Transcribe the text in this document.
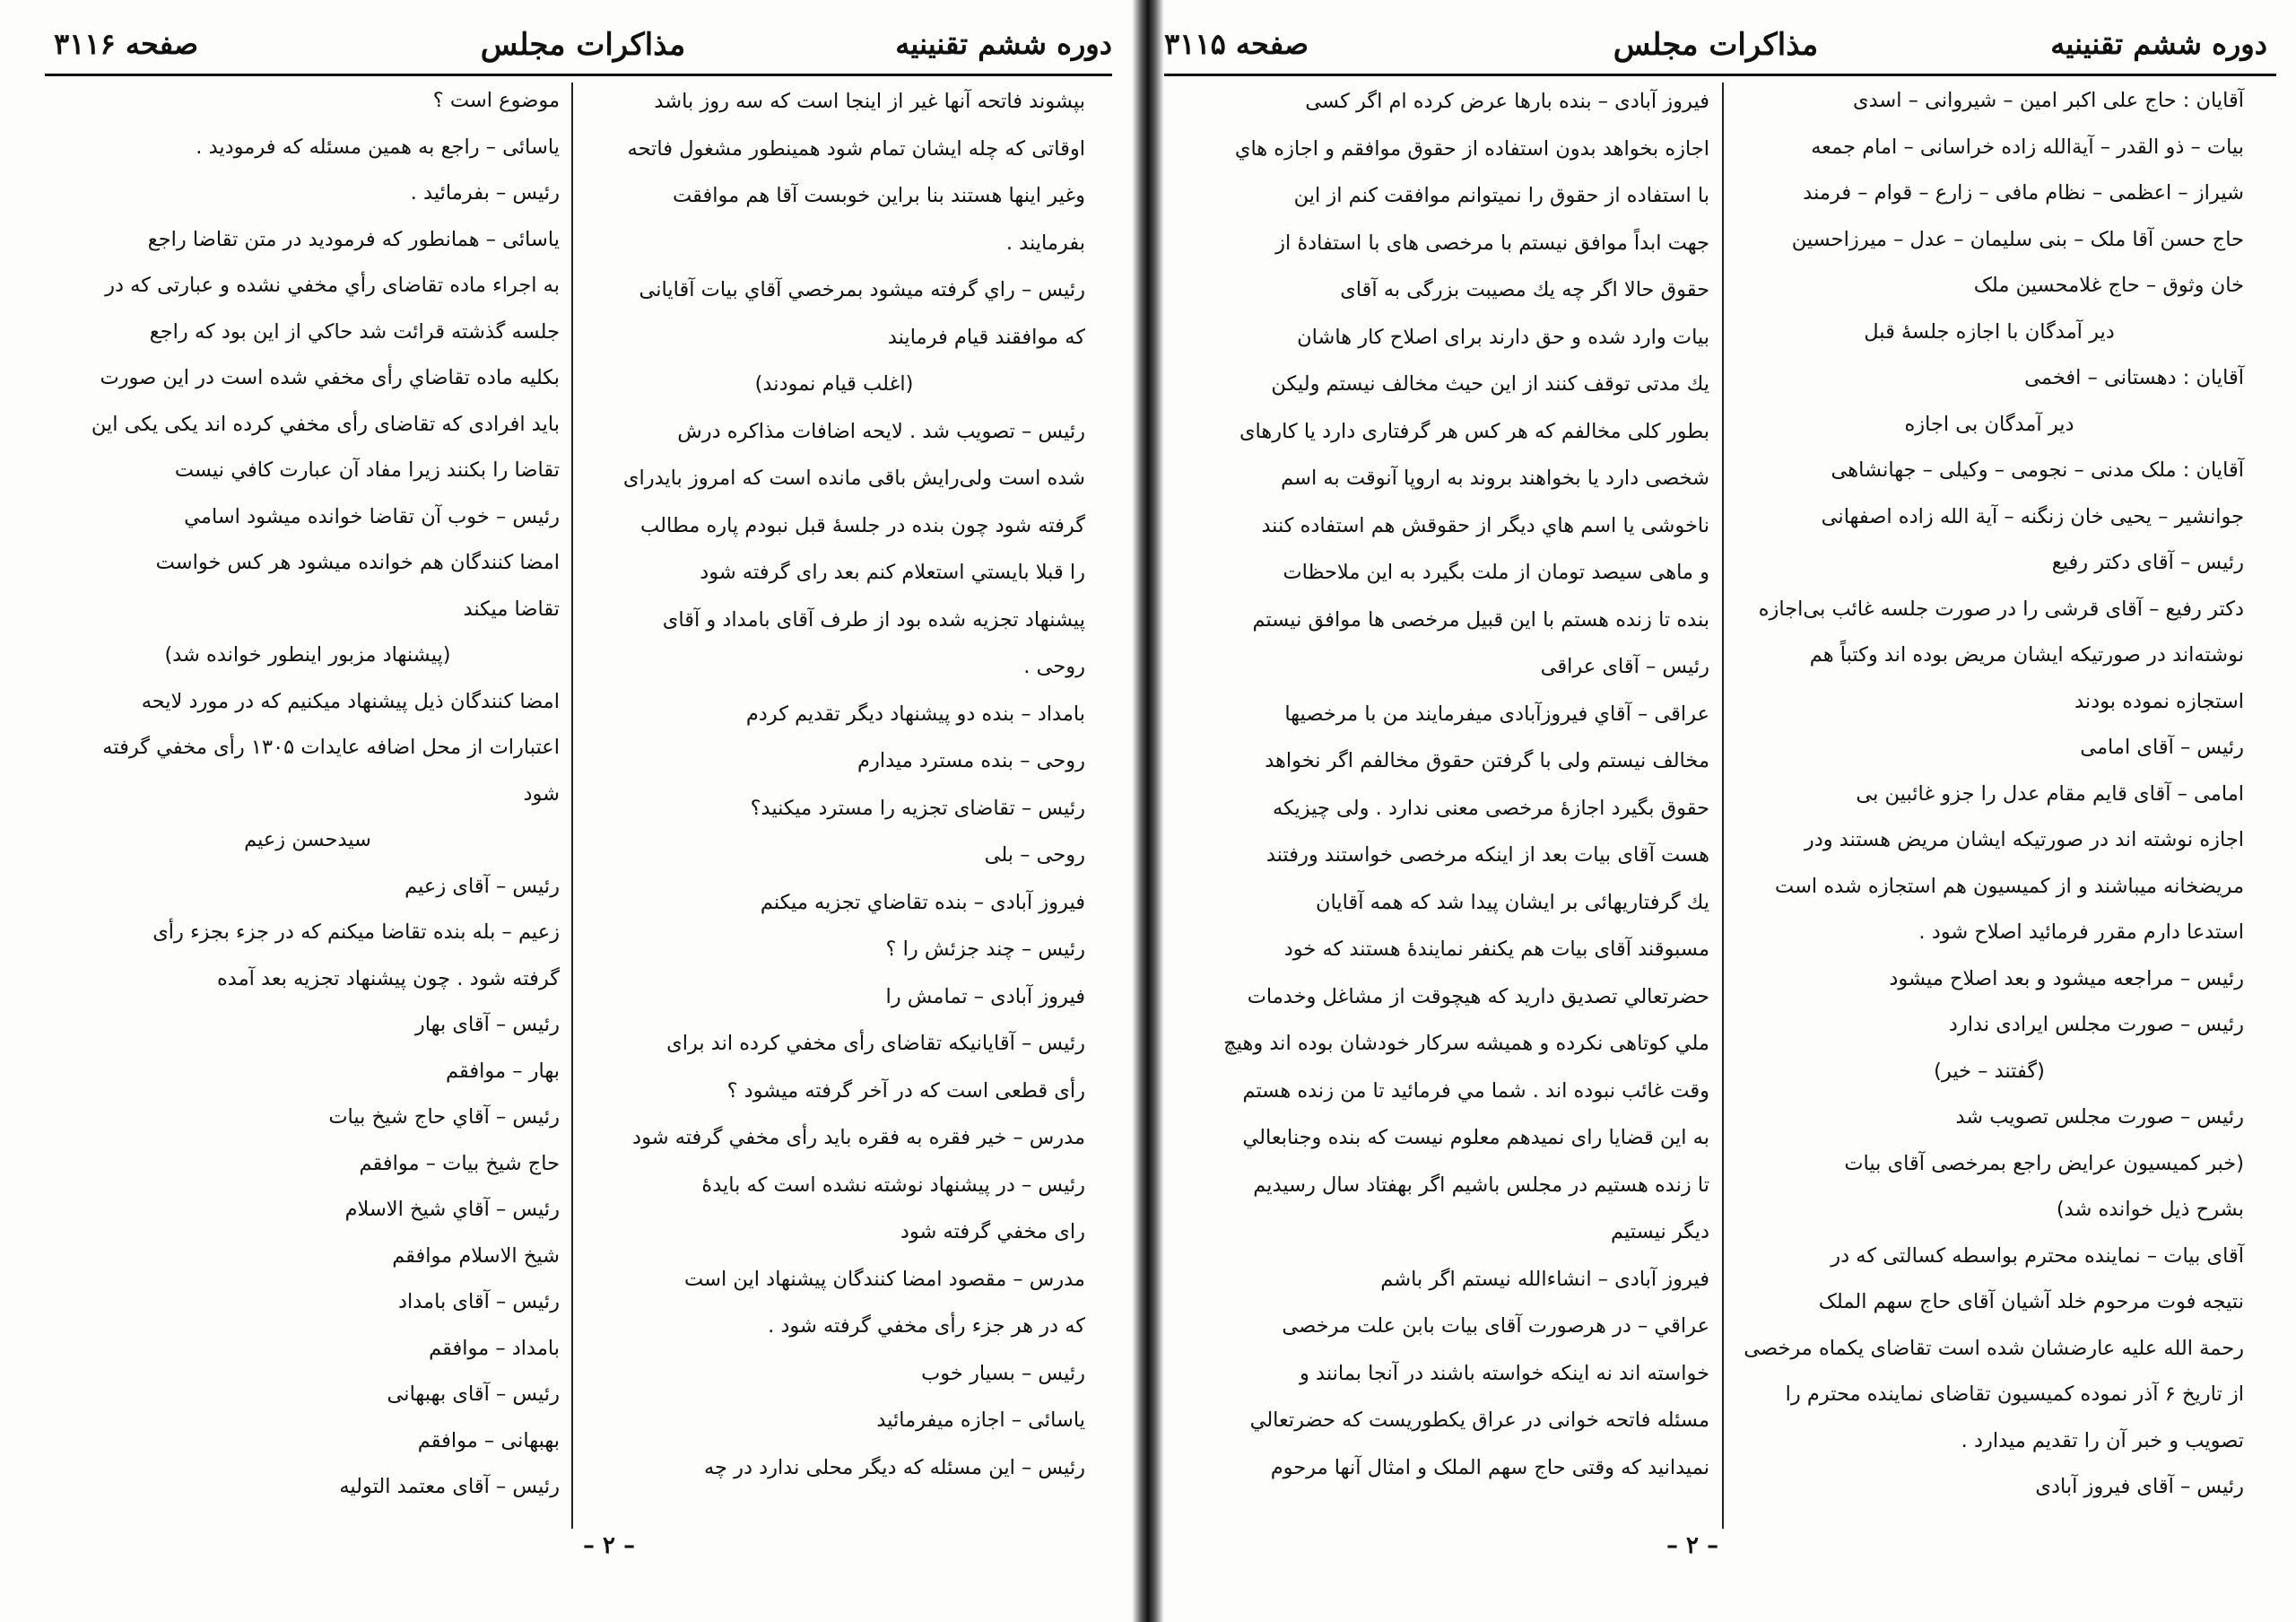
دوره ششم تقنينيه
مذاكرات مجلس
صفحه ۳۱۱۶

بپشوند فاتحه آنها غیر از اینجا است که سه روز باشد

اوقاتی که چله ایشان تمام شود همینطور مشغول فاتحه

وغیر اینها هستند بنا براین خوبست آقا هم موافقت

بفرمایند .

رئیس – راي گرفته میشود بمرخصي آقاي بیات آقایانی

که موافقند قیام فرمایند

(اغلب قیام نمودند)

رئیس – تصویب شد . لایحه اضافات مذاکره درش

شده است ولی‌رایش باقی مانده است که امروز بایدرای

گرفته شود چون بنده در جلسهٔ قبل نبودم پاره مطالب

را قبلا بایستي استعلام کنم بعد رای گرفته شود

پیشنهاد تجزیه شده بود از طرف آقای بامداد و آقای

روحی .

بامداد – بنده دو پیشنهاد دیگر تقدیم کردم

روحی – بنده مسترد میدارم

رئیس – تقاضای تجزیه را مسترد میکنید؟

روحی – بلی

فیروز آبادی – بنده تقاضاي تجزیه میکنم

رئیس – چند جزئش را ؟

فیروز آبادی – تمامش را

رئیس – آقایانیکه تقاضای رأی مخفي کرده اند برای

رأی قطعی است که در آخر گرفته میشود ؟

مدرس – خیر فقره به فقره باید رأی مخفي گرفته شود

رئیس – در پیشنهاد نوشته نشده است که بایدهٔ

رای مخفي گرفته شود

مدرس – مقصود امضا کنندگان پیشنهاد این است

که در هر جزء رأی مخفي گرفته شود .

رئیس – بسیار خوب

یاسائی – اجازه میفرمائید

رئیس – این مسئله که دیگر محلی ندارد در چه

موضوع است ؟

یاسائی – راجع به همین مسئله که فرمودید .

رئیس – بفرمائید .

یاسائی – همانطور که فرمودید در متن تقاضا راجع

به اجراء ماده تقاضای رأي مخفي نشده و عبارتی که در

جلسه گذشته قرائت شد حاکي از این بود که راجع

بکلیه ماده تقاضاي رأی مخفي شده است در این صورت

باید افرادی که تقاضای رأی مخفي کرده اند یکی یکی این

تقاضا را بکنند زیرا مفاد آن عبارت کافي نیست

رئیس – خوب آن تقاضا خوانده میشود اسامي

امضا کنندگان هم خوانده میشود هر کس خواست

تقاضا میکند

(پیشنهاد مزبور اینطور خوانده شد)

امضا کنندگان ذیل پیشنهاد میکنیم که در مورد لایحه

اعتبارات از محل اضافه عایدات ۱۳۰۵ رأی مخفي گرفته

شود

سیدحسن زعیم

رئیس – آقای زعیم

زعیم – بله بنده تقاضا میکنم که در جزء بجزء رأی

گرفته شود . چون پیشنهاد تجزیه بعد آمده

رئیس – آقای بهار

بهار – موافقم

رئیس – آقاي حاج شیخ بیات

حاج شیخ بیات – موافقم

رئیس – آقاي شیخ الاسلام

شیخ الاسلام موافقم

رئیس – آقای بامداد

بامداد – موافقم

رئیس – آقای بهبهانی

بهبهانی – موافقم

رئیس – آقای معتمد التولیه

– ۲ –
دوره ششم تقنینیه
مذاكرات مجلس
صفحه ۳۱۱۵

آقایان : حاج علی اکبر امین – شیروانی – اسدی

بیات – ذو القدر – آیة‌الله زاده خراسانی – امام جمعه

شیراز – اعظمی – نظام مافی – زارع – قوام – فرمند

حاج حسن آقا ملک – بنی سلیمان – عدل – میرزاحسین

خان وثوق – حاج غلامحسین ملک

دیر آمدگان با اجازه جلسهٔ قبل

آقایان : دهستانی – افخمی

دیر آمدگان بی اجازه

آقایان : ملک مدنی – نجومی – وکیلی – جهانشاهی

جوانشیر – یحیی خان زنگنه – آیة الله زاده اصفهانی

رئیس – آقای دکتر رفیع

دکتر رفیع – آقای قرشی را در صورت جلسه غائب بی‌اجازه

نوشته‌اند در صورتیکه ایشان مریض بوده اند وکتباً هم

استجازه نموده بودند

رئیس – آقای امامی

امامی – آقای قایم مقام عدل را جزو غائبین بی

اجازه نوشته اند در صورتیکه ایشان مریض هستند ودر

مریضخانه میباشند و از کمیسیون هم استجازه شده است

استدعا دارم مقرر فرمائید اصلاح شود .

رئیس – مراجعه میشود و بعد اصلاح میشود

رئیس – صورت مجلس ایرادی ندارد

(گفتند – خیر)

رئیس – صورت مجلس تصویب شد

(خبر کمیسیون عرایض راجع بمرخصی آقای بیات

بشرح ذیل خوانده شد)

آقای بیات – نماینده محترم بواسطه کسالتی که در

نتیجه فوت مرحوم خلد آشیان آقای حاج سهم الملک

رحمة الله علیه عارضشان شده است تقاضای یکماه مرخصی

از تاریخ ۶ آذر نموده کمیسیون تقاضای نماینده محترم را

تصویب و خبر آن را تقدیم میدارد .

رئیس – آقای فیروز آبادی

فیروز آبادی – بنده بارها عرض کرده ام اگر کسی

اجازه بخواهد بدون استفاده از حقوق موافقم و اجازه هاي

با استفاده از حقوق را نمیتوانم موافقت کنم از این

جهت ابداً موافق نیستم با مرخصی های با استفادهٔ از

حقوق حالا اگر چه یك مصیبت بزرگی به آقای

بیات وارد شده و حق دارند برای اصلاح کار هاشان

یك مدتی توقف کنند از این حیث مخالف نیستم ولیکن

بطور کلی مخالفم که هر کس هر گرفتاری دارد یا کارهای

شخصی دارد یا بخواهند بروند به اروپا آنوقت به اسم

ناخوشی یا اسم هاي دیگر از حقوقش هم استفاده کنند

و ماهی سیصد تومان از ملت بگیرد به این ملاحظات

بنده تا زنده هستم با این قبیل مرخصی ها موافق نیستم

رئیس – آقای عراقی

عراقی – آقاي فیروزآبادی میفرمایند من با مرخصیها

مخالف نیستم ولی با گرفتن حقوق مخالفم اگر نخواهد

حقوق بگیرد اجازهٔ مرخصی معنی ندارد . ولی چیزیکه

هست آقای بیات بعد از اینکه مرخصی خواستند ورفتند

یك گرفتاریهائی بر ایشان پیدا شد که همه آقایان

مسبوقند آقای بیات هم یکنفر نمایندهٔ هستند که خود

حضرتعالي تصدیق دارید که هیچوقت از مشاغل وخدمات

ملي کوتاهی نکرده و همیشه سرکار خودشان بوده اند وهیچ

وقت غائب نبوده اند . شما مي فرمائید تا من زنده هستم

به این قضایا رای نمیدهم معلوم نیست که بنده وجنابعالي

تا زنده هستیم در مجلس باشیم اگر بهفتاد سال رسیدیم

دیگر نیستیم

فیروز آبادی – انشاءالله نیستم اگر باشم

عراقي – در هرصورت آقای بیات بابن علت مرخصی

خواسته اند نه اینکه خواسته باشند در آنجا بمانند و

مسئله فاتحه خوانی در عراق یکطوریست که حضرتعالي

نمیدانید که وقتی حاج سهم الملک و امثال آنها مرحوم

– ۲ –
